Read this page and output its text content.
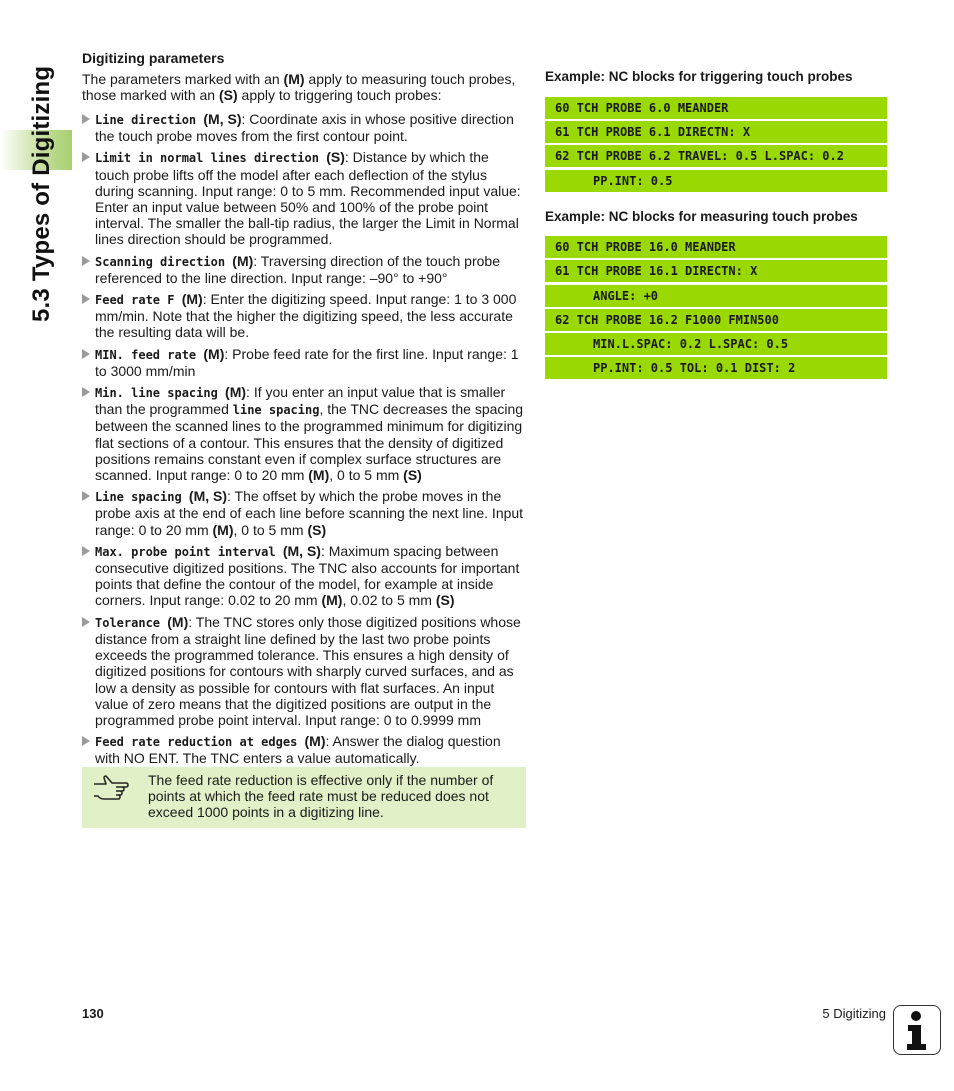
5.3 Types of Digitizing
Digitizing parameters
The parameters marked with an (M) apply to measuring touch probes, those marked with an (S) apply to triggering touch probes:
Line direction (M, S): Coordinate axis in whose positive direction the touch probe moves from the first contour point.
Limit in normal lines direction (S): Distance by which the touch probe lifts off the model after each deflection of the stylus during scanning. Input range: 0 to 5 mm. Recommended input value: Enter an input value between 50% and 100% of the probe point interval. The smaller the ball-tip radius, the larger the Limit in Normal lines direction should be programmed.
Scanning direction (M): Traversing direction of the touch probe referenced to the line direction. Input range: –90° to +90°
Feed rate F (M): Enter the digitizing speed. Input range: 1 to 3 000 mm/min. Note that the higher the digitizing speed, the less accurate the resulting data will be.
MIN. feed rate (M): Probe feed rate for the first line. Input range: 1 to 3000 mm/min
Min. line spacing (M): If you enter an input value that is smaller than the programmed line spacing, the TNC decreases the spacing between the scanned lines to the programmed minimum for digitizing flat sections of a contour. This ensures that the density of digitized positions remains constant even if complex surface structures are scanned. Input range: 0 to 20 mm (M), 0 to 5 mm (S)
Line spacing (M, S): The offset by which the probe moves in the probe axis at the end of each line before scanning the next line. Input range: 0 to 20 mm (M), 0 to 5 mm (S)
Max. probe point interval (M, S): Maximum spacing between consecutive digitized positions. The TNC also accounts for important points that define the contour of the model, for example at inside corners. Input range: 0.02 to 20 mm (M), 0.02 to 5 mm (S)
Tolerance (M): The TNC stores only those digitized positions whose distance from a straight line defined by the last two probe points exceeds the programmed tolerance. This ensures a high density of digitized positions for contours with sharply curved surfaces, and as low a density as possible for contours with flat surfaces. An input value of zero means that the digitized positions are output in the programmed probe point interval. Input range: 0 to 0.9999 mm
Feed rate reduction at edges (M): Answer the dialog question with NO ENT. The TNC enters a value automatically.
The feed rate reduction is effective only if the number of points at which the feed rate must be reduced does not exceed 1000 points in a digitizing line.
Example: NC blocks for triggering touch probes
60 TCH PROBE 6.0 MEANDER
61 TCH PROBE 6.1 DIRECTN: X
62 TCH PROBE 6.2 TRAVEL: 0.5 L.SPAC: 0.2
PP.INT: 0.5
Example: NC blocks for measuring touch probes
60 TCH PROBE 16.0 MEANDER
61 TCH PROBE 16.1 DIRECTN: X
ANGLE: +0
62 TCH PROBE 16.2 F1000 FMIN500
MIN.L.SPAC: 0.2 L.SPAC: 0.5
PP.INT: 0.5 TOL: 0.1 DIST: 2
130	5 Digitizing
